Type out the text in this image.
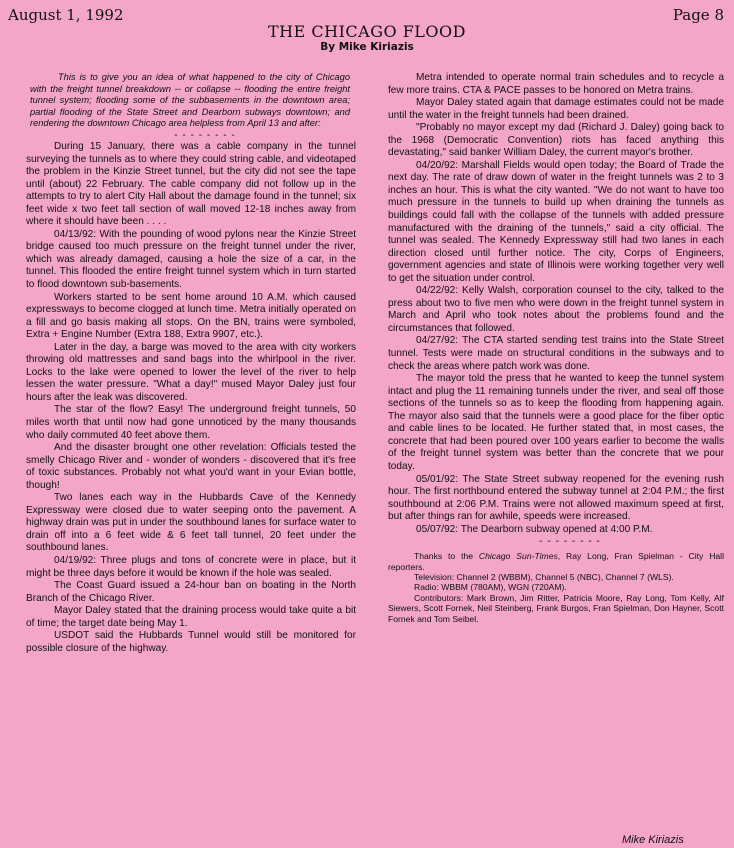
August 1, 1992	Page 8
THE CHICAGO FLOOD
By Mike Kiriazis

This is to give you an idea of what happened to the city of Chicago with the freight tunnel breakdown -- or collapse -- flooding the entire freight tunnel system; flooding some of the subbasements in the downtown area; partial flooding of the State Street and Dearborn subways downtown; and rendering the downtown Chicago area helpless from April 13 and after:

- - - - - - - -

During 15 January, there was a cable company in the tunnel surveying the tunnels as to where they could string cable, and videotaped the problem in the Kinzie Street tunnel, but the city did not see the tape until (about) 22 February. The cable company did not follow up in the attempts to try to alert City Hall about the damage found in the tunnel; six feet wide x two feet tall section of wall moved 12-18 inches away from where it should have been . . . .

04/13/92: With the pounding of wood pylons near the Kinzie Street bridge caused too much pressure on the freight tunnel under the river, which was already damaged, causing a hole the size of a car, in the tunnel. This flooded the entire freight tunnel system which in turn started to flood downtown sub-basements.

Workers started to be sent home around 10 A.M. which caused expressways to become clogged at lunch time. Metra initially operated on a fill and go basis making all stops. On the BN, trains were symboled, Extra + Engine Number (Extra 188, Extra 9907, etc.).

Later in the day, a barge was moved to the area with city workers throwing old mattresses and sand bags into the whirlpool in the river. Locks to the lake were opened to lower the level of the river to help lessen the water pressure. "What a day!" mused Mayor Daley just four hours after the leak was discovered.

The star of the flow? Easy! The underground freight tunnels, 50 miles worth that until now had gone unnoticed by the many thousands who daily commuted 40 feet above them.

And the disaster brought one other revelation: Officials tested the smelly Chicago River and - wonder of wonders - discovered that it's free of toxic substances. Probably not what you'd want in your Evian bottle, though!

Two lanes each way in the Hubbards Cave of the Kennedy Expressway were closed due to water seeping onto the pavement. A highway drain was put in under the southbound lanes for surface water to drain off into a 6 feet wide & 6 feet tall tunnel, 20 feet under the southbound lanes.

04/19/92: Three plugs and tons of concrete were in place, but it might be three days before it would be known if the hole was sealed.

The Coast Guard issued a 24-hour ban on boating in the North Branch of the Chicago River.

Mayor Daley stated that the draining process would take quite a bit of time; the target date being May 1.

USDOT said the Hubbards Tunnel would still be monitored for possible closure of the highway.

Metra intended to operate normal train schedules and to recycle a few more trains. CTA & PACE passes to be honored on Metra trains.

Mayor Daley stated again that damage estimates could not be made until the water in the freight tunnels had been drained.

"Probably no mayor except my dad (Richard J. Daley) going back to the 1968 (Democratic Convention) riots has faced anything this devastating," said banker William Daley, the current mayor's brother.

04/20/92: Marshall Fields would open today; the Board of Trade the next day. The rate of draw down of water in the freight tunnels was 2 to 3 inches an hour. This is what the city wanted. "We do not want to have too much pressure in the tunnels to build up when draining the tunnels as buildings could fall with the collapse of the tunnels with added pressure manufactured with the draining of the tunnels," said a city official. The tunnel was sealed. The Kennedy Expressway still had two lanes in each direction closed until further notice. The city, Corps of Engineers, government agencies and state of Illinois were working together very well to get the situation under control.

04/22/92: Kelly Walsh, corporation counsel to the city, talked to the press about two to five men who were down in the freight tunnel system in March and April who took notes about the problems found and the circumstances that followed.

04/27/92: The CTA started sending test trains into the State Street tunnel. Tests were made on structural conditions in the subways and to check the areas where patch work was done.

The mayor told the press that he wanted to keep the tunnel system intact and plug the 11 remaining tunnels under the river, and seal off those sections of the tunnels so as to keep the flooding from happening again. The mayor also said that the tunnels were a good place for the fiber optic and cable lines to be located. He further stated that, in most cases, the concrete that had been poured over 100 years earlier to become the walls of the freight tunnel system was better than the concrete that we pour today.

05/01/92: The State Street subway reopened for the evening rush hour. The first northbound entered the subway tunnel at 2:04 P.M.; the first southbound at 2:06 P.M. Trains were not allowed maximum speed at first, but after things ran for awhile, speeds were increased.

05/07/92: The Dearborn subway opened at 4:00 P.M.

- - - - - - - -

Thanks to the Chicago Sun-Times, Ray Long, Fran Spielman - City Hall reporters.

Television: Channel 2 (WBBM), Channel 5 (NBC), Channel 7 (WLS).

Radio: WBBM (780AM), WGN (720AM).

Contributors: Mark Brown, Jim Ritter, Patricia Moore, Ray Long, Tom Kelly, Alf Siewers, Scott Fornek, Neil Steinberg, Frank Burgos, Fran Spielman, Don Hayner, Scott Fornek and Tom Seibel.

Mike Kiriazis
